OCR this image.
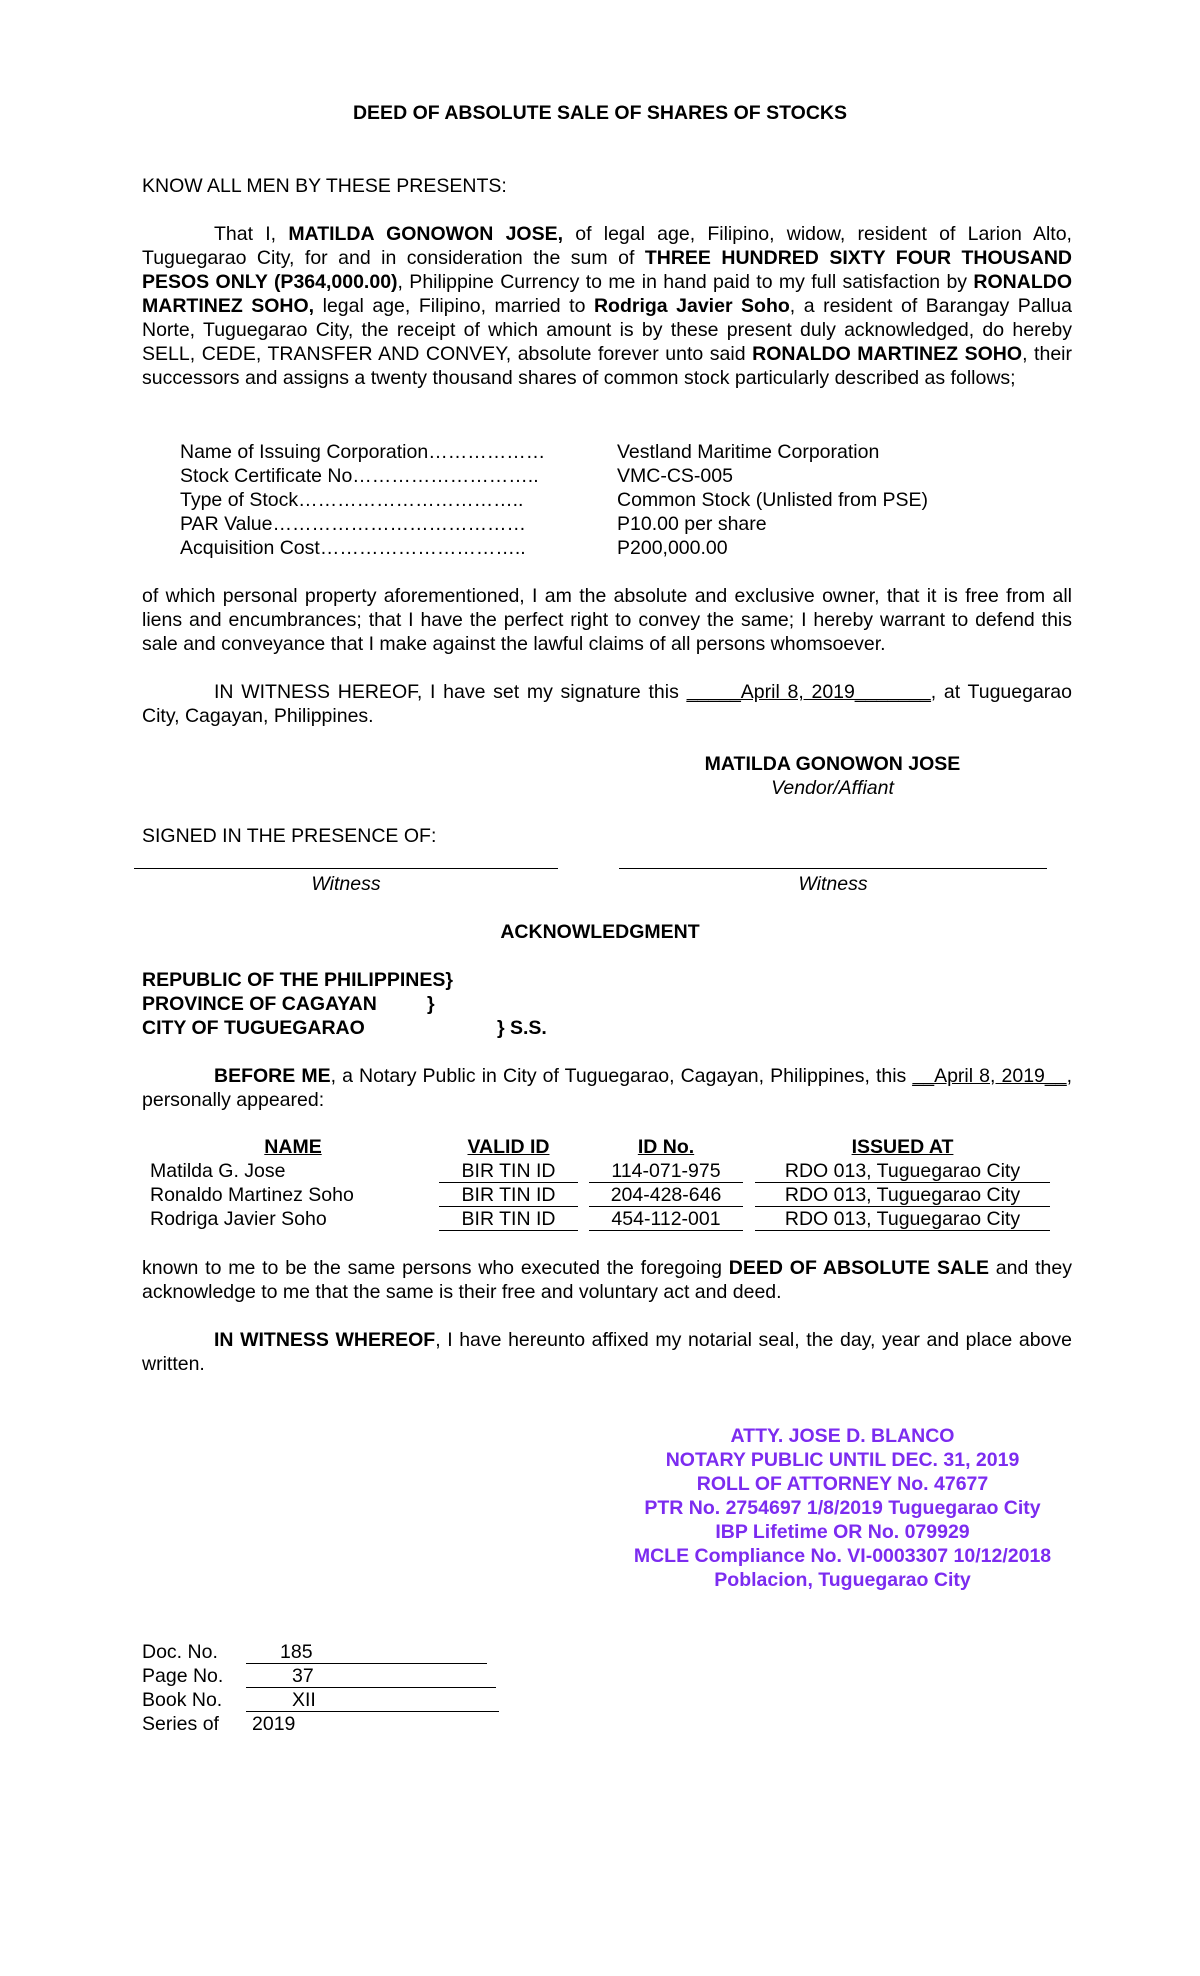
DEED OF ABSOLUTE SALE OF SHARES OF STOCKS
KNOW ALL MEN BY THESE PRESENTS:
That I, MATILDA GONOWON JOSE, of legal age, Filipino, widow, resident of Larion Alto, Tuguegarao City, for and in consideration the sum of THREE HUNDRED SIXTY FOUR THOUSAND PESOS ONLY (P364,000.00), Philippine Currency to me in hand paid to my full satisfaction by RONALDO MARTINEZ SOHO, legal age, Filipino, married to Rodriga Javier Soho, a resident of Barangay Pallua Norte, Tuguegarao City, the receipt of which amount is by these present duly acknowledged, do hereby SELL, CEDE, TRANSFER AND CONVEY, absolute forever unto said RONALDO MARTINEZ SOHO, their successors and assigns a twenty thousand shares of common stock particularly described as follows;
Name of Issuing Corporation………………	Vestland Maritime Corporation
Stock Certificate No………………………..	VMC-CS-005
Type of Stock……………………………..	Common Stock (Unlisted from PSE)
PAR Value…………………………………	P10.00 per share
Acquisition Cost…………………………..	P200,000.00
of which personal property aforementioned, I am the absolute and exclusive owner, that it is free from all liens and encumbrances; that I have the perfect right to convey the same; I hereby warrant to defend this sale and conveyance that I make against the lawful claims of all persons whomsoever.
IN WITNESS HEREOF, I have set my signature this _____April 8, 2019_______, at Tuguegarao City, Cagayan, Philippines.
MATILDA GONOWON JOSE
Vendor/Affiant
SIGNED IN THE PRESENCE OF:
Witness	Witness
ACKNOWLEDGMENT
REPUBLIC OF THE PHILIPPINES}
PROVINCE OF CAGAYAN	}
CITY OF TUGUEGARAO	} S.S.
BEFORE ME, a Notary Public in City of Tuguegarao, Cagayan, Philippines, this __April 8, 2019__, personally appeared:
NAME	VALID ID	ID No.	ISSUED AT
Matilda G. Jose	BIR TIN ID	114-071-975	RDO 013, Tuguegarao City
Ronaldo Martinez Soho	BIR TIN ID	204-428-646	RDO 013, Tuguegarao City
Rodriga Javier Soho	BIR TIN ID	454-112-001	RDO 013, Tuguegarao City
known to me to be the same persons who executed the foregoing DEED OF ABSOLUTE SALE and they acknowledge to me that the same is their free and voluntary act and deed.
IN WITNESS WHEREOF, I have hereunto affixed my notarial seal, the day, year and place above written.
ATTY. JOSE D. BLANCO
NOTARY PUBLIC UNTIL DEC. 31, 2019
ROLL OF ATTORNEY No. 47677
PTR No. 2754697 1/8/2019 Tuguegarao City
IBP Lifetime OR No. 079929
MCLE Compliance No. VI-0003307 10/12/2018
Poblacion, Tuguegarao City
Doc. No.	185
Page No.	37
Book No.	XII
Series of 2019
